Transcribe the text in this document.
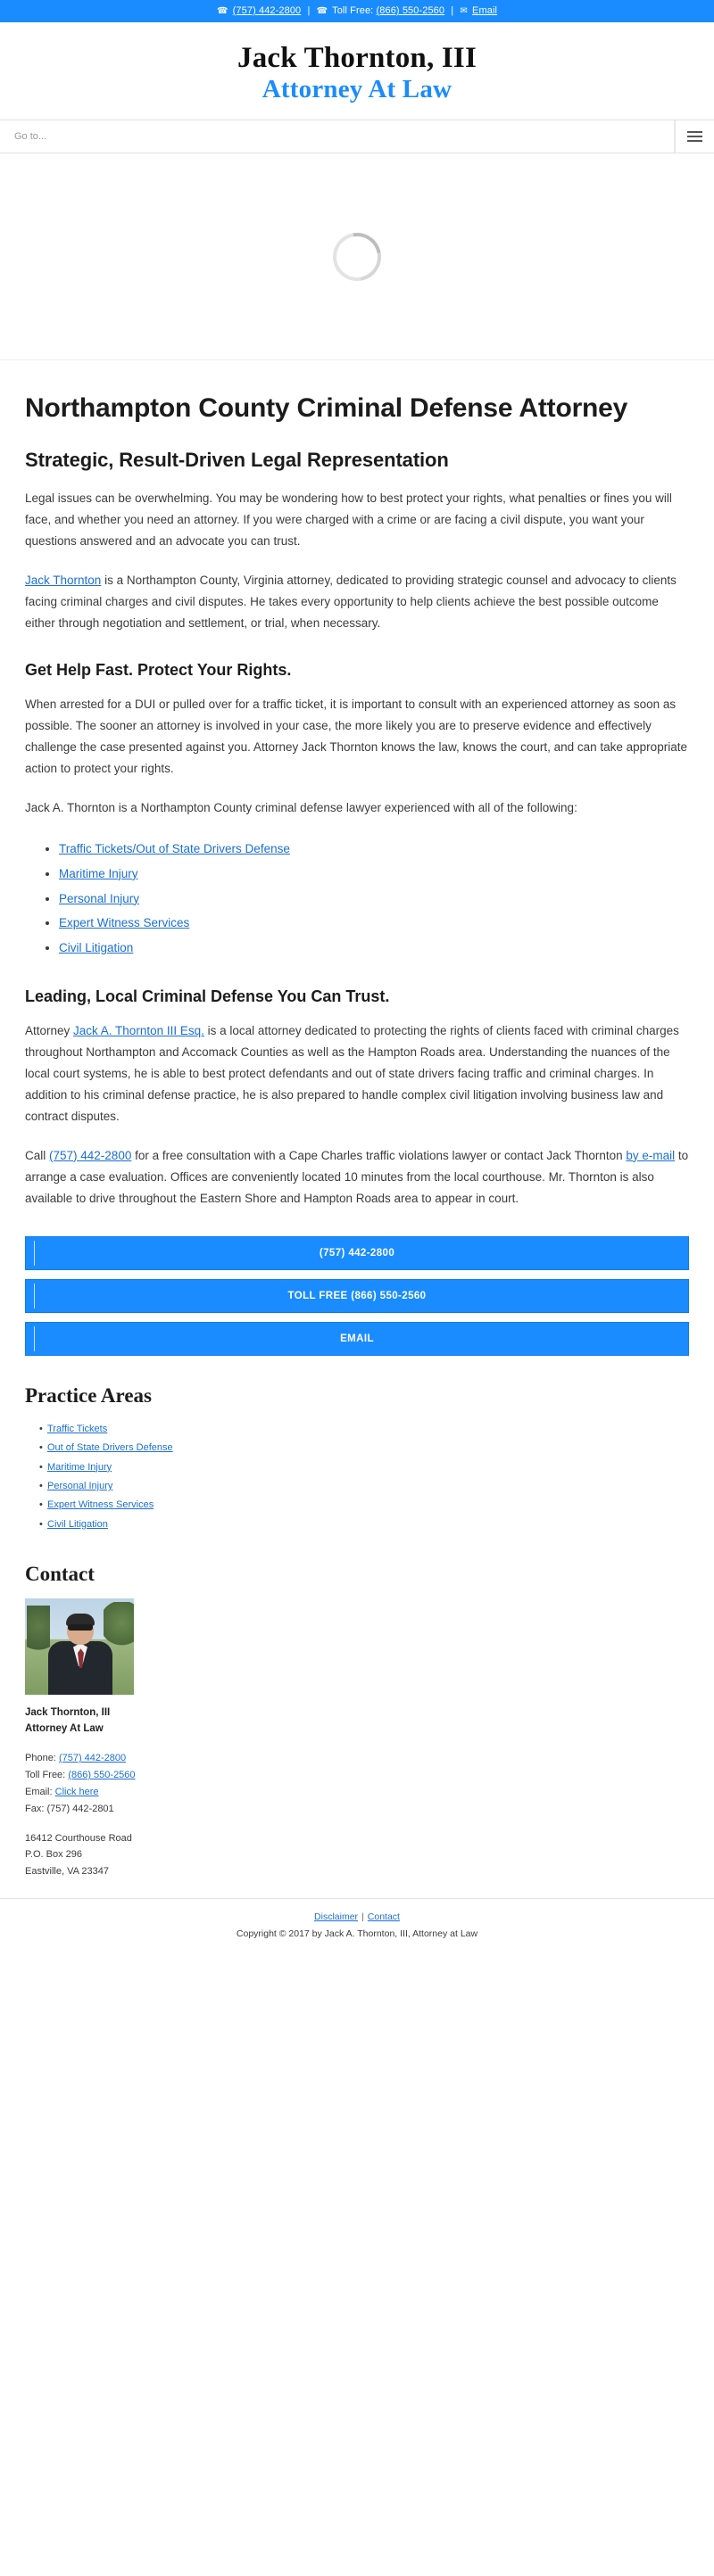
☎ (757) 442-2800 | ☎ Toll Free: (866) 550-2560 | ✉ Email
Jack Thornton, III
Attorney At Law
Go to...
Northampton County Criminal Defense Attorney
Strategic, Result-Driven Legal Representation

Legal issues can be overwhelming. You may be wondering how to best protect your rights, what penalties or fines you will face, and whether you need an attorney. If you were charged with a crime or are facing a civil dispute, you want your questions answered and an advocate you can trust.

Jack Thornton is a Northampton County, Virginia attorney, dedicated to providing strategic counsel and advocacy to clients facing criminal charges and civil disputes. He takes every opportunity to help clients achieve the best possible outcome either through negotiation and settlement, or trial, when necessary.

Get Help Fast. Protect Your Rights.

When arrested for a DUI or pulled over for a traffic ticket, it is important to consult with an experienced attorney as soon as possible. The sooner an attorney is involved in your case, the more likely you are to preserve evidence and effectively challenge the case presented against you. Attorney Jack Thornton knows the law, knows the court, and can take appropriate action to protect your rights.

Jack A. Thornton is a Northampton County criminal defense lawyer experienced with all of the following:

• Traffic Tickets/Out of State Drivers Defense
• Maritime Injury
• Personal Injury
• Expert Witness Services
• Civil Litigation
Leading, Local Criminal Defense You Can Trust.

Attorney Jack A. Thornton III Esq. is a local attorney dedicated to protecting the rights of clients faced with criminal charges throughout Northampton and Accomack Counties as well as the Hampton Roads area. Understanding the nuances of the local court systems, he is able to best protect defendants and out of state drivers facing traffic and criminal charges. In addition to his criminal defense practice, he is also prepared to handle complex civil litigation involving business law and contract disputes.

Call (757) 442-2800 for a free consultation with a Cape Charles traffic violations lawyer or contact Jack Thornton by e-mail to arrange a case evaluation. Offices are conveniently located 10 minutes from the local courthouse. Mr. Thornton is also available to drive throughout the Eastern Shore and Hampton Roads area to appear in court.

(757) 442-2800
TOLL FREE (866) 550-2560
EMAIL
Practice Areas
• Traffic Tickets
• Out of State Drivers Defense
• Maritime Injury
• Personal Injury
• Expert Witness Services
• Civil Litigation
Contact
Jack Thornton, III
Attorney At Law
Phone: (757) 442-2800
Toll Free: (866) 550-2560
Email: Click here
Fax: (757) 442-2801
16412 Courthouse Road
P.O. Box 296
Eastville, VA 23347
Disclaimer | Contact
Copyright © 2017 by Jack A. Thornton, III, Attorney at Law
